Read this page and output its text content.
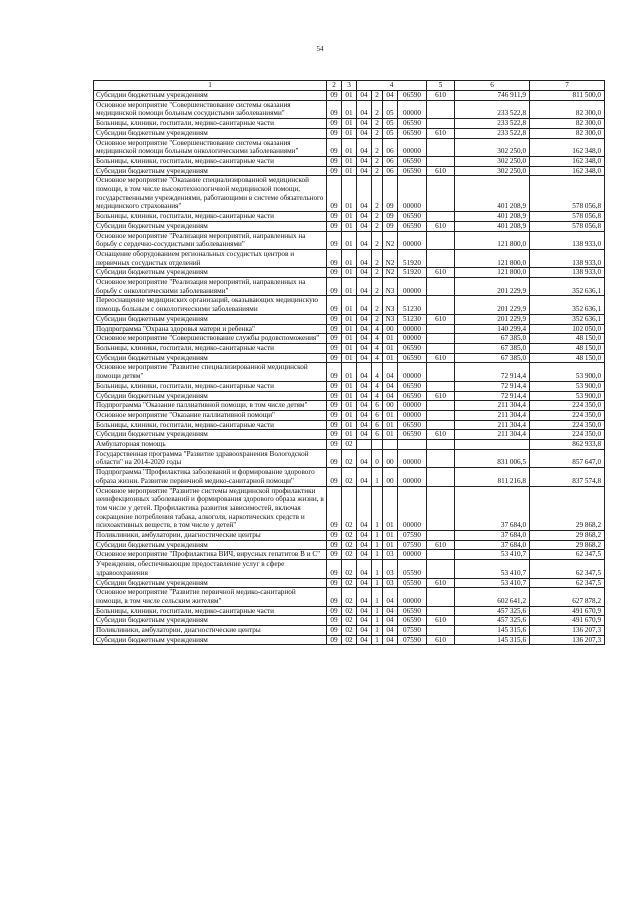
54
1	2	3	4				5	6	7
Субсидии бюджетным учреждениям	09	01	04	2	04	06590	610	746 911,9	811 500,0
Основное мероприятие "Совершенствование системы оказания медицинской помощи больным сосудистыми заболеваниями"	09	01	04	2	05	00000		233 522,8	82 300,0
Больницы, клиники, госпитали, медико-санитарные части	09	01	04	2	05	06590		233 522,8	82 300,0
Субсидии бюджетным учреждениям	09	01	04	2	05	06590	610	233 522,8	82 300,0
Основное мероприятие "Совершенствование системы оказания медицинской помощи больным онкологическими заболеваниями"	09	01	04	2	06	00000		302 250,0	162 348,0
Больницы, клиники, госпитали, медико-санитарные части	09	01	04	2	06	06590		302 250,0	162 348,0
Субсидии бюджетным учреждениям	09	01	04	2	06	06590	610	302 250,0	162 348,0
Основное мероприятие "Оказание специализированной медицинской помощи, в том числе высокотехнологичной медицинской помощи, государственными учреждениями, работающими в системе обязательного медицинского страхования"	09	01	04	2	09	00000		401 208,9	578 056,8
Больницы, клиники, госпитали, медико-санитарные части	09	01	04	2	09	06590		401 208,9	578 056,8
Субсидии бюджетным учреждениям	09	01	04	2	09	06590	610	401 208,9	578 056,8
Основное мероприятие "Реализация мероприятий, направленных на борьбу с сердечно-сосудистыми заболеваниями"	09	01	04	2	N2	00000		121 800,0	138 933,0
Оснащение оборудованием региональных сосудистых центров и первичных сосудистых отделений	09	01	04	2	N2	51920		121 800,0	138 933,0
Субсидии бюджетным учреждениям	09	01	04	2	N2	51920	610	121 800,0	138 933,0
Основное мероприятие "Реализация мероприятий, направленных на борьбу с онкологическими заболеваниями"	09	01	04	2	N3	00000		201 229,9	352 636,1
Переоснащение медицинских организаций, оказывающих медицинскую помощь больным с онкологическими заболеваниями	09	01	04	2	N3	51230		201 229,9	352 636,1
Субсидии бюджетным учреждениям	09	01	04	2	N3	51230	610	201 229,9	352 636,1
Подпрограмма "Охрана здоровья матери и ребенка"	09	01	04	4	00	00000		140 299,4	102 050,0
Основное мероприятие "Совершенствование службы родовспоможения"	09	01	04	4	01	00000		67 385,0	48 150,0
Больницы, клиники, госпитали, медико-санитарные части	09	01	04	4	01	06590		67 385,0	48 150,0
Субсидии бюджетным учреждениям	09	01	04	4	01	06590	610	67 385,0	48 150,0
Основное мероприятие "Развитие специализированной медицинской помощи детям"	09	01	04	4	04	00000		72 914,4	53 900,0
Больницы, клиники, госпитали, медико-санитарные части	09	01	04	4	04	06590		72 914,4	53 900,0
Субсидии бюджетным учреждениям	09	01	04	4	04	06590	610	72 914,4	53 900,0
Подпрограмма "Оказание паллиативной помощи, в том числе детям"	09	01	04	6	00	00000		211 304,4	224 350,0
Основное мероприятие "Оказание паллиативной помощи"	09	01	04	6	01	00000		211 304,4	224 350,0
Больницы, клиники, госпитали, медико-санитарные части	09	01	04	6	01	06590		211 304,4	224 350,0
Субсидии бюджетным учреждениям	09	01	04	6	01	06590	610	211 304,4	224 350,0
Амбулаторная помощь	09	02							862 933,8
Государственная программа "Развитие здравоохранения Вологодской области" на 2014-2020 годы	09	02	04	0	00	00000		831 006,5	857 647,0
Подпрограмма "Профилактика заболеваний и формирование здорового образа жизни. Развитие первичной медико-санитарной помощи"	09	02	04	1	00	00000		811 216,8	837 574,8
Основное мероприятие "Развитие системы медицинской профилактики неинфекционных заболеваний и формирования здорового образа жизни, в том числе у детей. Профилактика развития зависимостей, включая сокращение потребления табака, алкоголя, наркотических средств и психоактивных веществ, в том числе у детей"	09	02	04	1	01	00000		37 684,0	29 868,2
Поликлиники, амбулатории, диагностические центры	09	02	04	1	01	07590		37 684,0	29 868,2
Субсидии бюджетным учреждениям	09	02	04	1	01	07590	610	37 684,0	29 868,2
Основное мероприятие "Профилактика ВИЧ, вирусных гепатитов В и С"	09	02	04	1	03	00000		53 410,7	62 347,5
Учреждения, обеспечивающие предоставление услуг в сфере здравоохранения	09	02	04	1	03	05590		53 410,7	62 347,5
Субсидии бюджетным учреждениям	09	02	04	1	03	05590	610	53 410,7	62 347,5
Основное мероприятие "Развитие первичной медико-санитарной помощи, в том числе сельским жителям"	09	02	04	1	04	00000		602 641,2	627 878,2
Больницы, клиники, госпитали, медико-санитарные части	09	02	04	1	04	06590		457 325,6	491 670,9
Субсидии бюджетным учреждениям	09	02	04	1	04	06590	610	457 325,6	491 670,9
Поликлиники, амбулатории, диагностические центры	09	02	04	1	04	07590		145 315,6	136 207,3
Субсидии бюджетным учреждениям	09	02	04	1	04	07590	610	145 315,6	136 207,3
